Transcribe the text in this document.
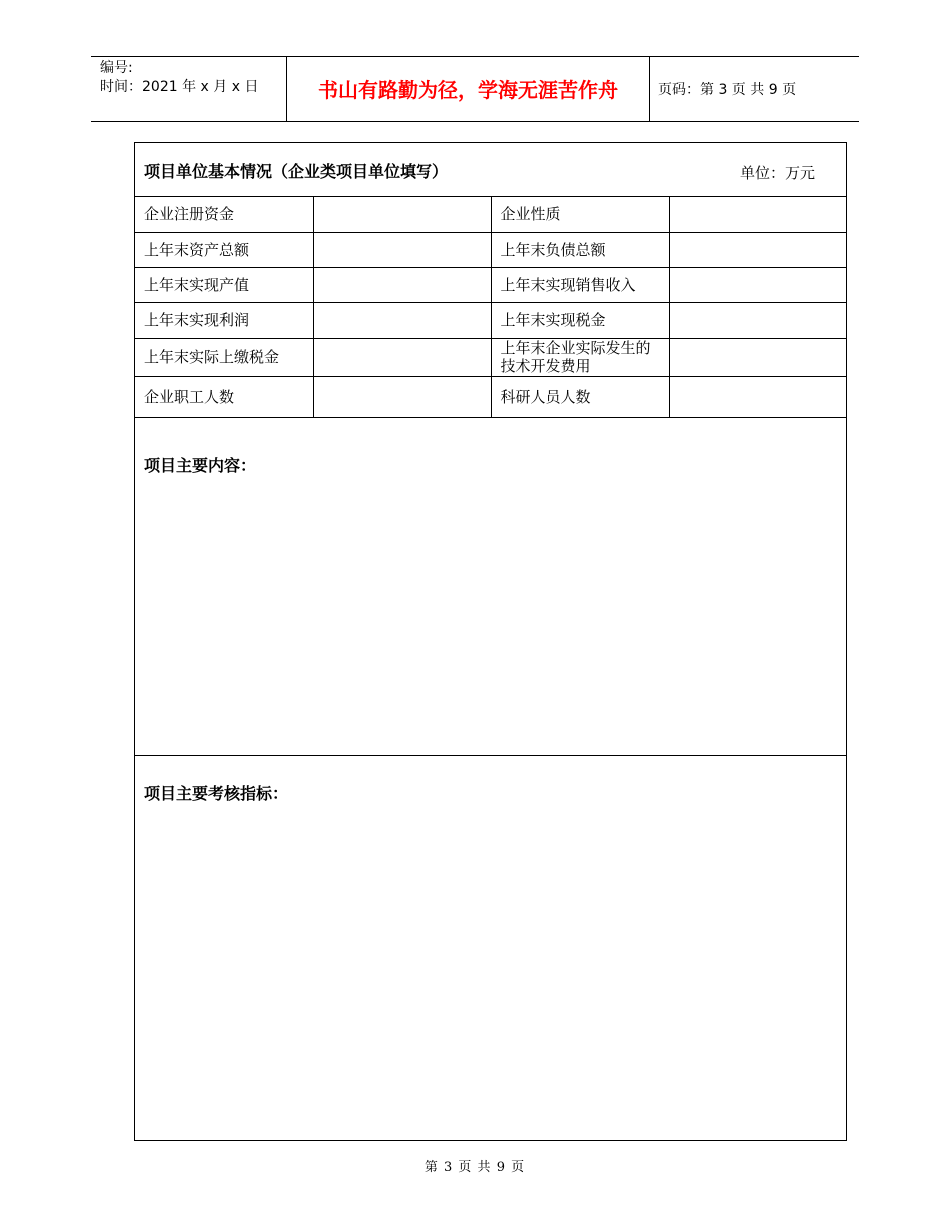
编号:
时间：2021 年 x 月 x 日	书山有路勤为径，学海无涯苦作舟	页码：第 3 页 共 9 页
项目单位基本情况（企业类项目单位填写）	单位：万元
企业注册资金		企业性质	
上年末资产总额		上年末负债总额	
上年末实现产值		上年末实现销售收入	
上年末实现利润		上年末实现税金	
上年末实际上缴税金		上年末企业实际发生的技术开发费用	
企业职工人数		科研人员人数	
项目主要内容：
项目主要考核指标：
第 3 页 共 9 页
